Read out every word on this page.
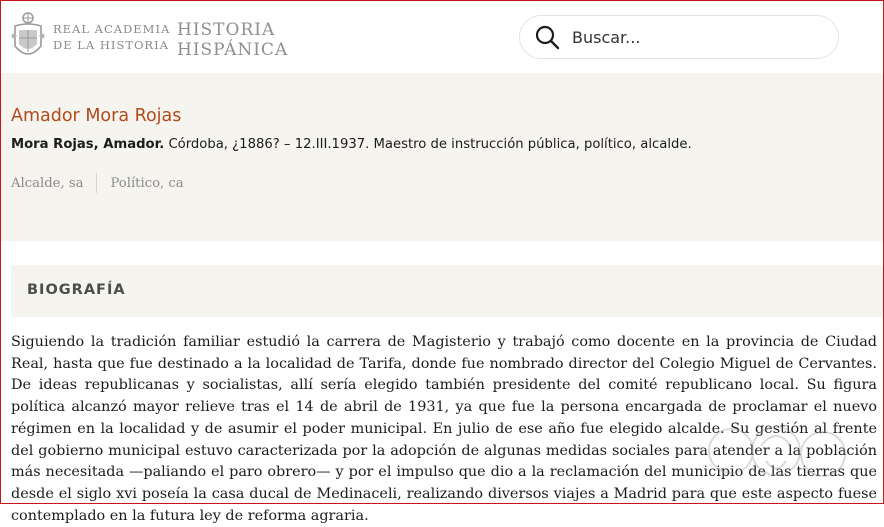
REAL ACADEMIA
DE LA HISTORIA
HISTORIA
HISPÁNICA
Buscar...
Amador Mora Rojas
Mora Rojas, Amador. Córdoba, ¿1886? – 12.III.1937. Maestro de instrucción pública, político, alcalde.
Alcalde, sa Político, ca
BIOGRAFÍA
Siguiendo la tradición familiar estudió la carrera de Magisterio y trabajó como docente en la provincia de Ciudad Real, hasta que fue destinado a la localidad de Tarifa, donde fue nombrado director del Colegio Miguel de Cervantes. De ideas republicanas y socialistas, allí sería elegido también presidente del comité republicano local. Su figura política alcanzó mayor relieve tras el 14 de abril de 1931, ya que fue la persona encargada de proclamar el nuevo régimen en la localidad y de asumir el poder municipal. En julio de ese año fue elegido alcalde. Su gestión al frente del gobierno municipal estuvo caracterizada por la adopción de algunas medidas sociales para atender a la población más necesitada —paliando el paro obrero— y por el impulso que dio a la reclamación del municipio de las tierras que desde el siglo xvi poseía la casa ducal de Medinaceli, realizando diversos viajes a Madrid para que este aspecto fuese contemplado en la futura ley de reforma agraria.
